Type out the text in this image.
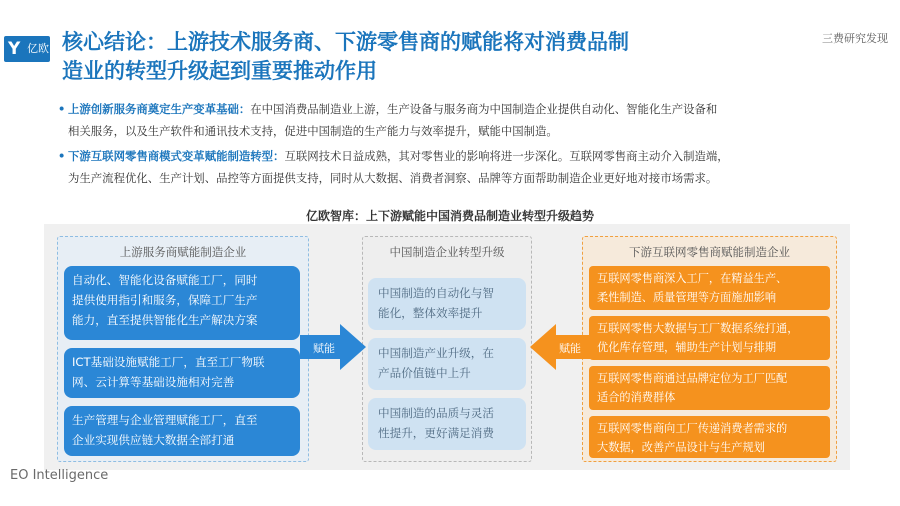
Y 亿欧 核心结论：上游技术服务商、下游零售商的赋能将对消费品制
造业的转型升级起到重要推动作用
三费研究发现
• 上游创新服务商奠定生产变革基础：在中国消费品制造业上游，生产设备与服务商为中国制造企业提供自动化、智能化生产设备和
相关服务，以及生产软件和通讯技术支持，促进中国制造的生产能力与效率提升，赋能中国制造。
• 下游互联网零售商模式变革赋能制造转型：互联网技术日益成熟，其对零售业的影响将进一步深化。互联网零售商主动介入制造端，
为生产流程优化、生产计划、品控等方面提供支持，同时从大数据、消费者洞察、品牌等方面帮助制造企业更好地对接市场需求。
亿欧智库：上下游赋能中国消费品制造业转型升级趋势
上游服务商赋能制造企业	中国制造企业转型升级	下游互联网零售商赋能制造企业
自动化、智能化设备赋能工厂，同时
提供使用指引和服务，保障工厂生产
能力，直至提供智能化生产解决方案
ICT基础设施赋能工厂，直至工厂物联
网、云计算等基础设施相对完善
生产管理与企业管理赋能工厂，直至
企业实现供应链大数据全部打通
中国制造的自动化与智
能化，整体效率提升
中国制造产业升级，在
产品价值链中上升
中国制造的品质与灵活
性提升，更好满足消费
互联网零售商深入工厂，在精益生产、
柔性制造、质量管理等方面施加影响
互联网零售大数据与工厂数据系统打通，
优化库存管理，辅助生产计划与排期
互联网零售商通过品牌定位为工厂匹配
适合的消费群体
互联网零售商向工厂传递消费者需求的
大数据，改善产品设计与生产规划
赋能	赋能
EO Intelligence
